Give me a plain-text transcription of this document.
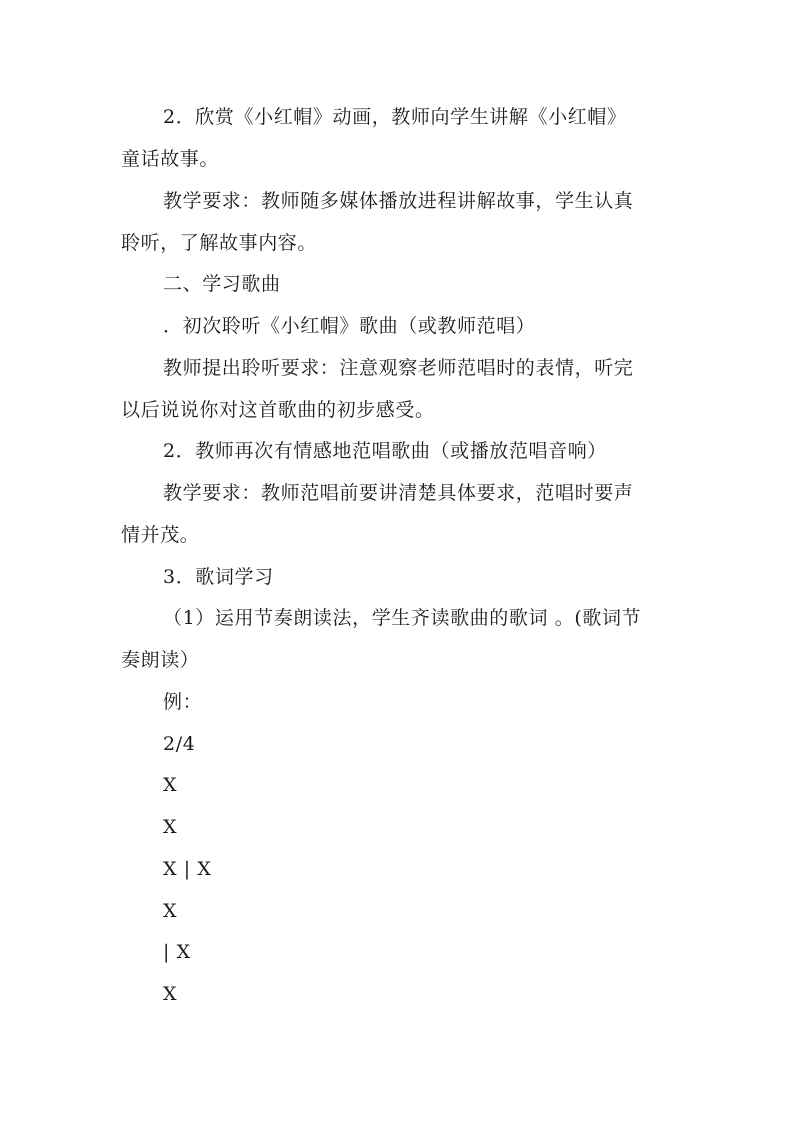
2．欣赏《小红帽》动画，教师向学生讲解《小红帽》
童话故事。
教学要求：教师随多媒体播放进程讲解故事，学生认真
聆听，了解故事内容。
二、学习歌曲
．初次聆听《小红帽》歌曲（或教师范唱）
教师提出聆听要求：注意观察老师范唱时的表情，听完
以后说说你对这首歌曲的初步感受。
2．教师再次有情感地范唱歌曲（或播放范唱音响）
教学要求：教师范唱前要讲清楚具体要求，范唱时要声
情并茂。
3．歌词学习
（1）运用节奏朗读法，学生齐读歌曲的歌词 。(歌词节
奏朗读）
例：
2/4
X
X
X | X
X
| X
X
